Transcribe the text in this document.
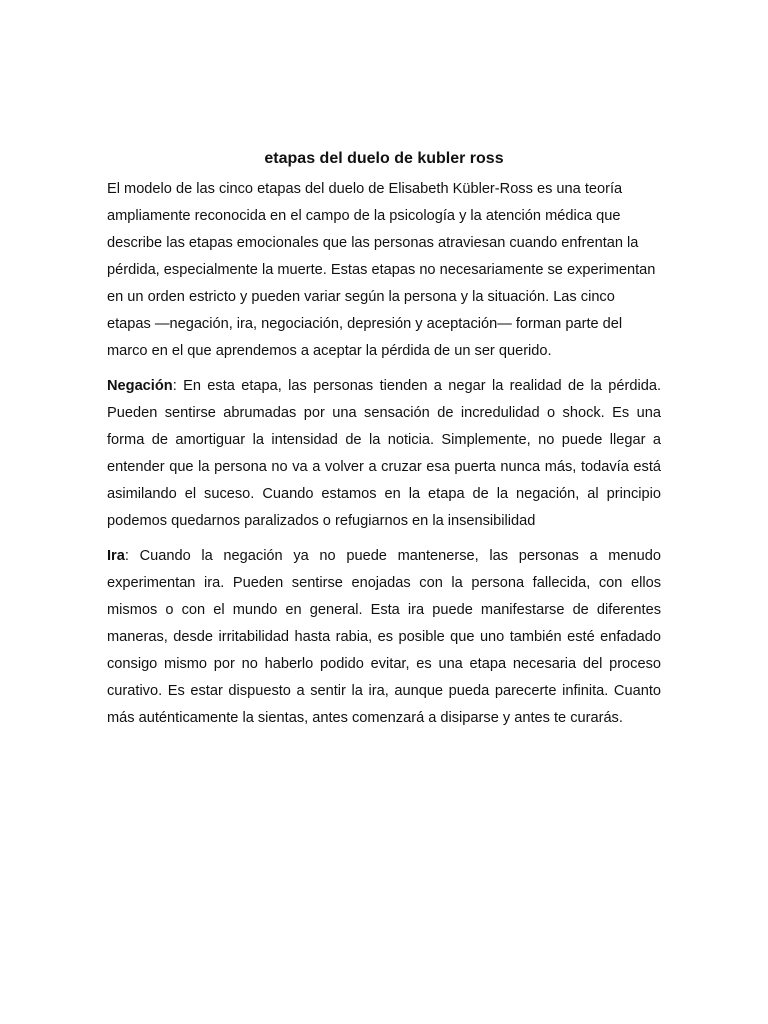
etapas del duelo de kubler ross

El modelo de las cinco etapas del duelo de Elisabeth Kübler-Ross es una teoría ampliamente reconocida en el campo de la psicología y la atención médica que describe las etapas emocionales que las personas atraviesan cuando enfrentan la pérdida, especialmente la muerte. Estas etapas no necesariamente se experimentan en un orden estricto y pueden variar según la persona y la situación. Las cinco etapas —negación, ira, negociación, depresión y aceptación— forman parte del marco en el que aprendemos a aceptar la pérdida de un ser querido.

Negación: En esta etapa, las personas tienden a negar la realidad de la pérdida. Pueden sentirse abrumadas por una sensación de incredulidad o shock. Es una forma de amortiguar la intensidad de la noticia. Simplemente, no puede llegar a entender que la persona no va a volver a cruzar esa puerta nunca más, todavía está asimilando el suceso. Cuando estamos en la etapa de la negación, al principio podemos quedarnos paralizados o refugiarnos en la insensibilidad

Ira: Cuando la negación ya no puede mantenerse, las personas a menudo experimentan ira. Pueden sentirse enojadas con la persona fallecida, con ellos mismos o con el mundo en general. Esta ira puede manifestarse de diferentes maneras, desde irritabilidad hasta rabia, es posible que uno también esté enfadado consigo mismo por no haberlo podido evitar, es una etapa necesaria del proceso curativo. Es estar dispuesto a sentir la ira, aunque pueda parecerte infinita. Cuanto más auténticamente la sientas, antes comenzará a disiparse y antes te curarás.
